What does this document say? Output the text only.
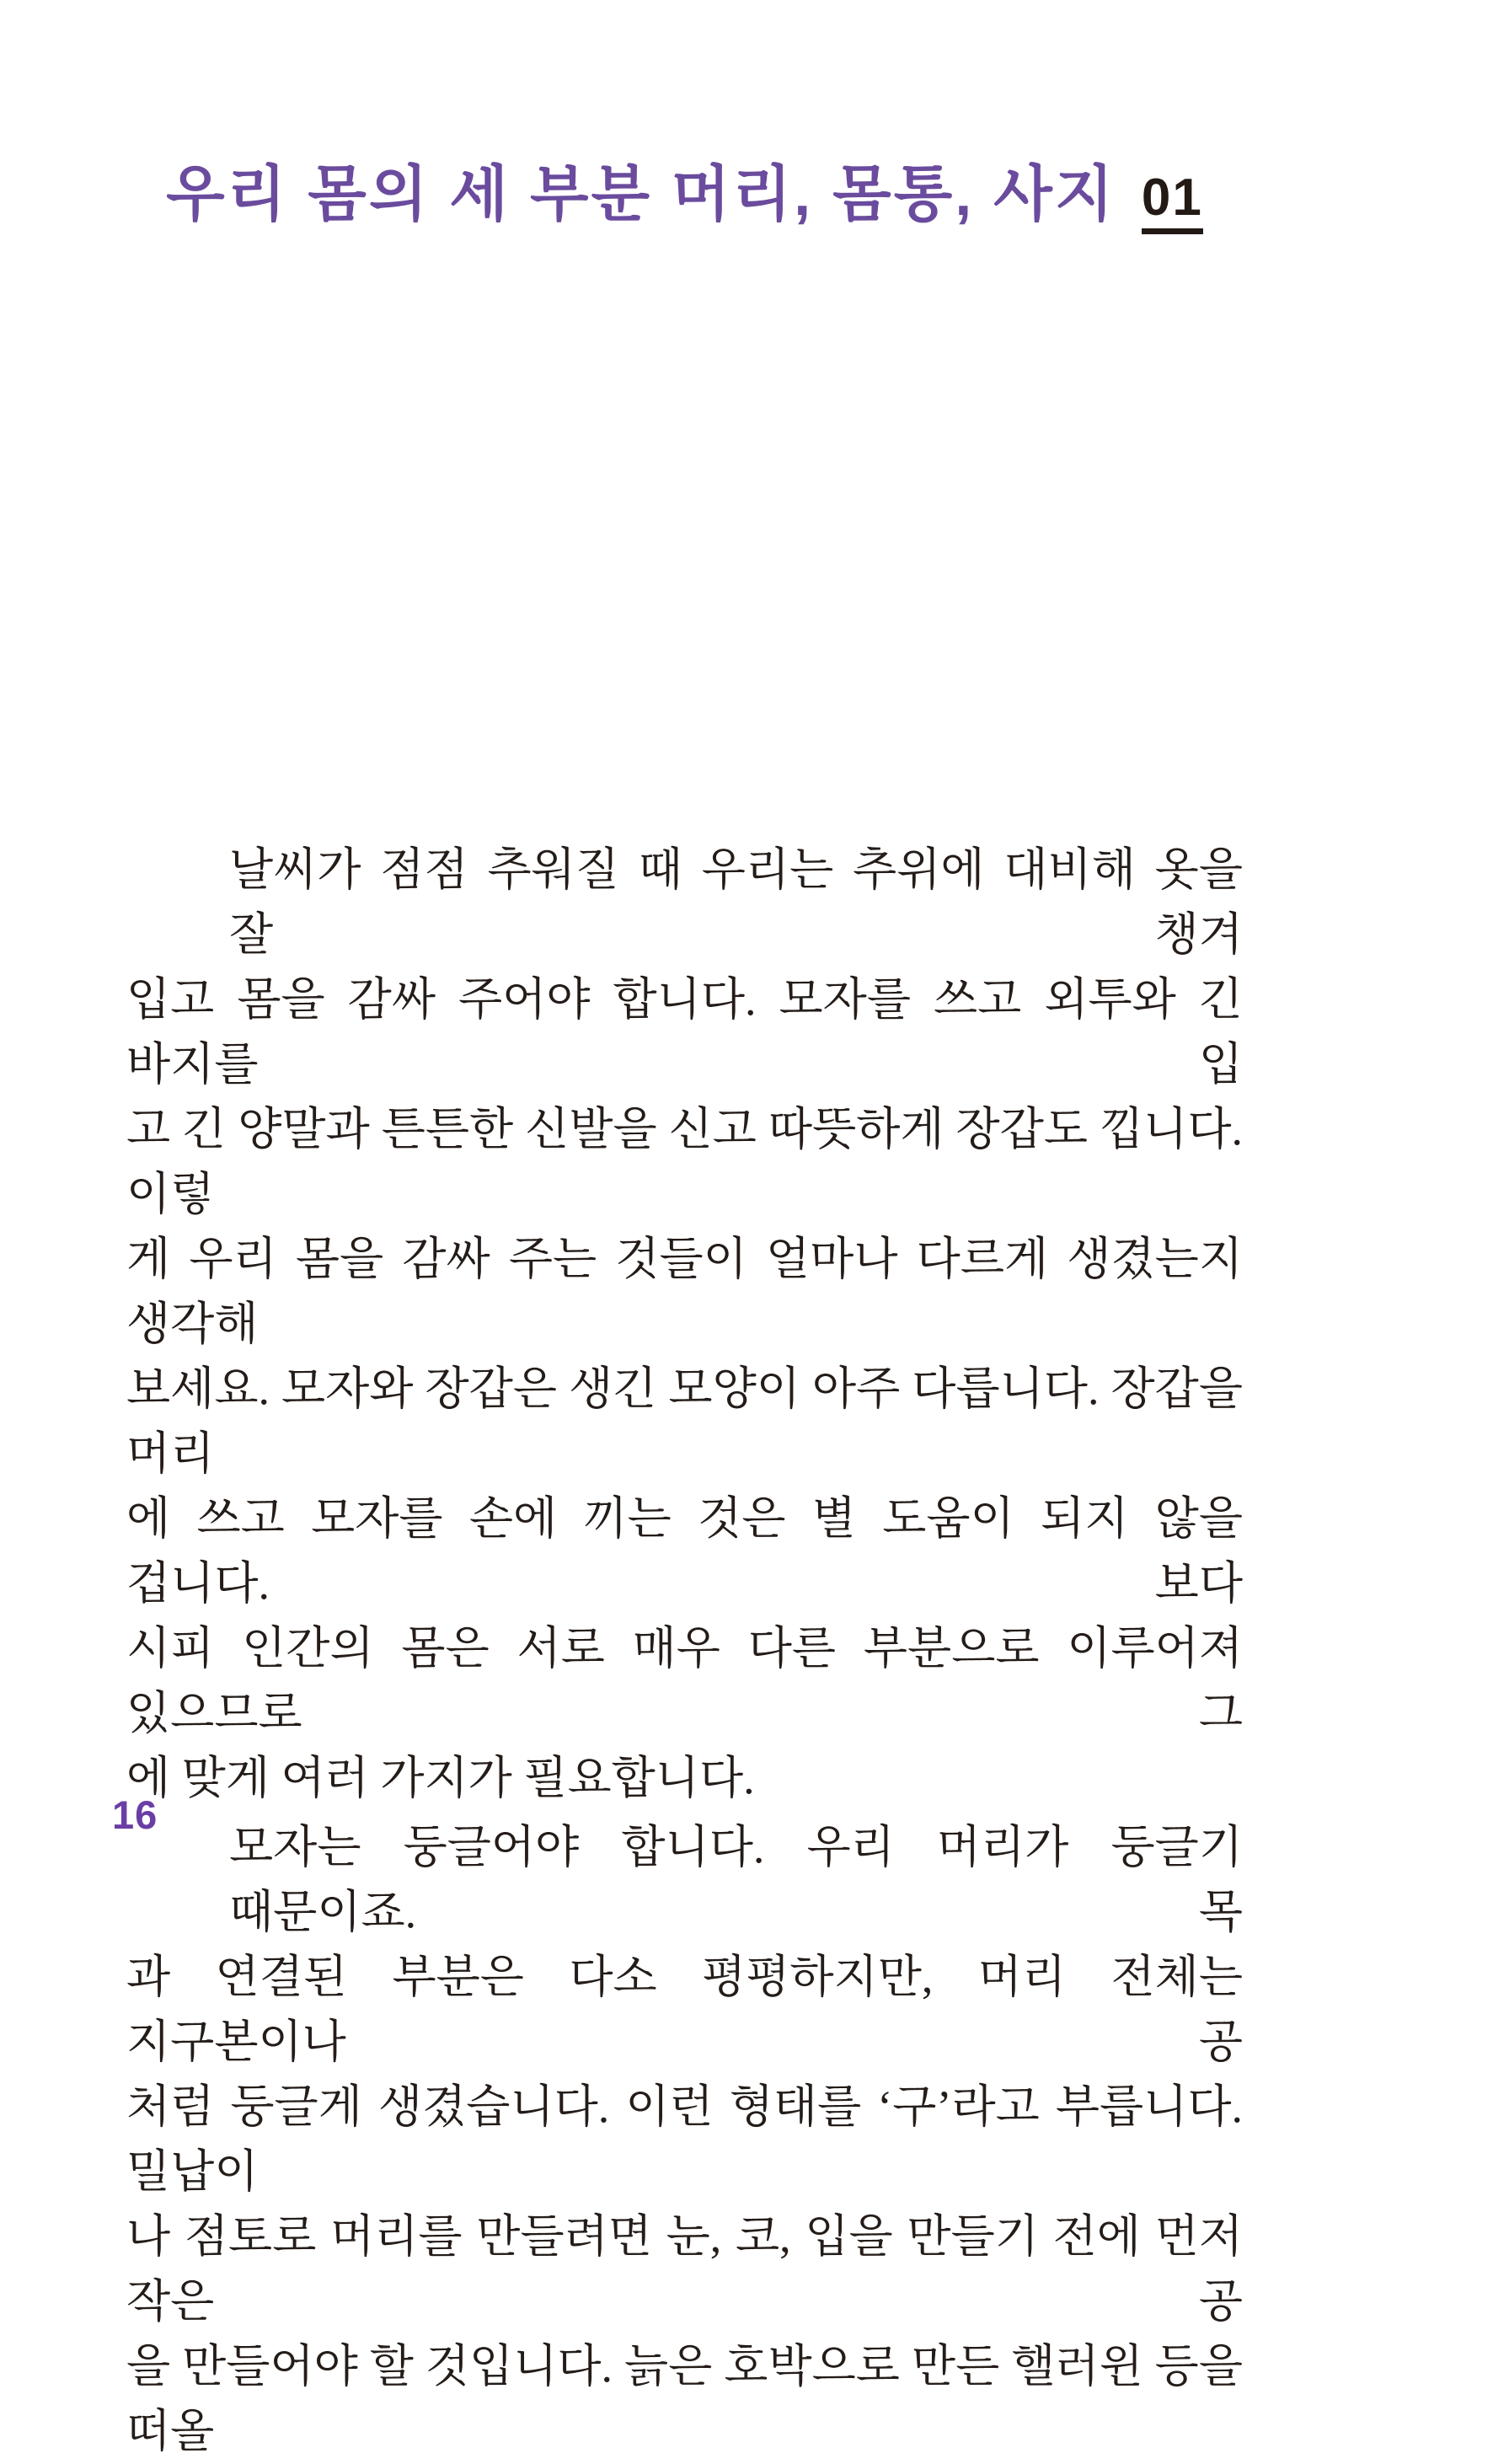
우리 몸의 세 부분 머리, 몸통, 사지 01
날씨가 점점 추워질 때 우리는 추위에 대비해 옷을 잘 챙겨
입고 몸을 감싸 주어야 합니다. 모자를 쓰고 외투와 긴 바지를 입
고 긴 양말과 튼튼한 신발을 신고 따뜻하게 장갑도 낍니다. 이렇
게 우리 몸을 감싸 주는 것들이 얼마나 다르게 생겼는지 생각해
보세요. 모자와 장갑은 생긴 모양이 아주 다릅니다. 장갑을 머리
에 쓰고 모자를 손에 끼는 것은 별 도움이 되지 않을 겁니다. 보다
시피 인간의 몸은 서로 매우 다른 부분으로 이루어져 있으므로 그
에 맞게 여러 가지가 필요합니다.
모자는 둥글어야 합니다. 우리 머리가 둥글기 때문이죠. 목
과 연결된 부분은 다소 평평하지만, 머리 전체는 지구본이나 공
처럼 둥글게 생겼습니다. 이런 형태를 ‘구’라고 부릅니다. 밀납이
나 점토로 머리를 만들려면 눈, 코, 입을 만들기 전에 먼저 작은 공
을 만들어야 할 것입니다. 늙은 호박으로 만든 핼러윈 등을 떠올
16
